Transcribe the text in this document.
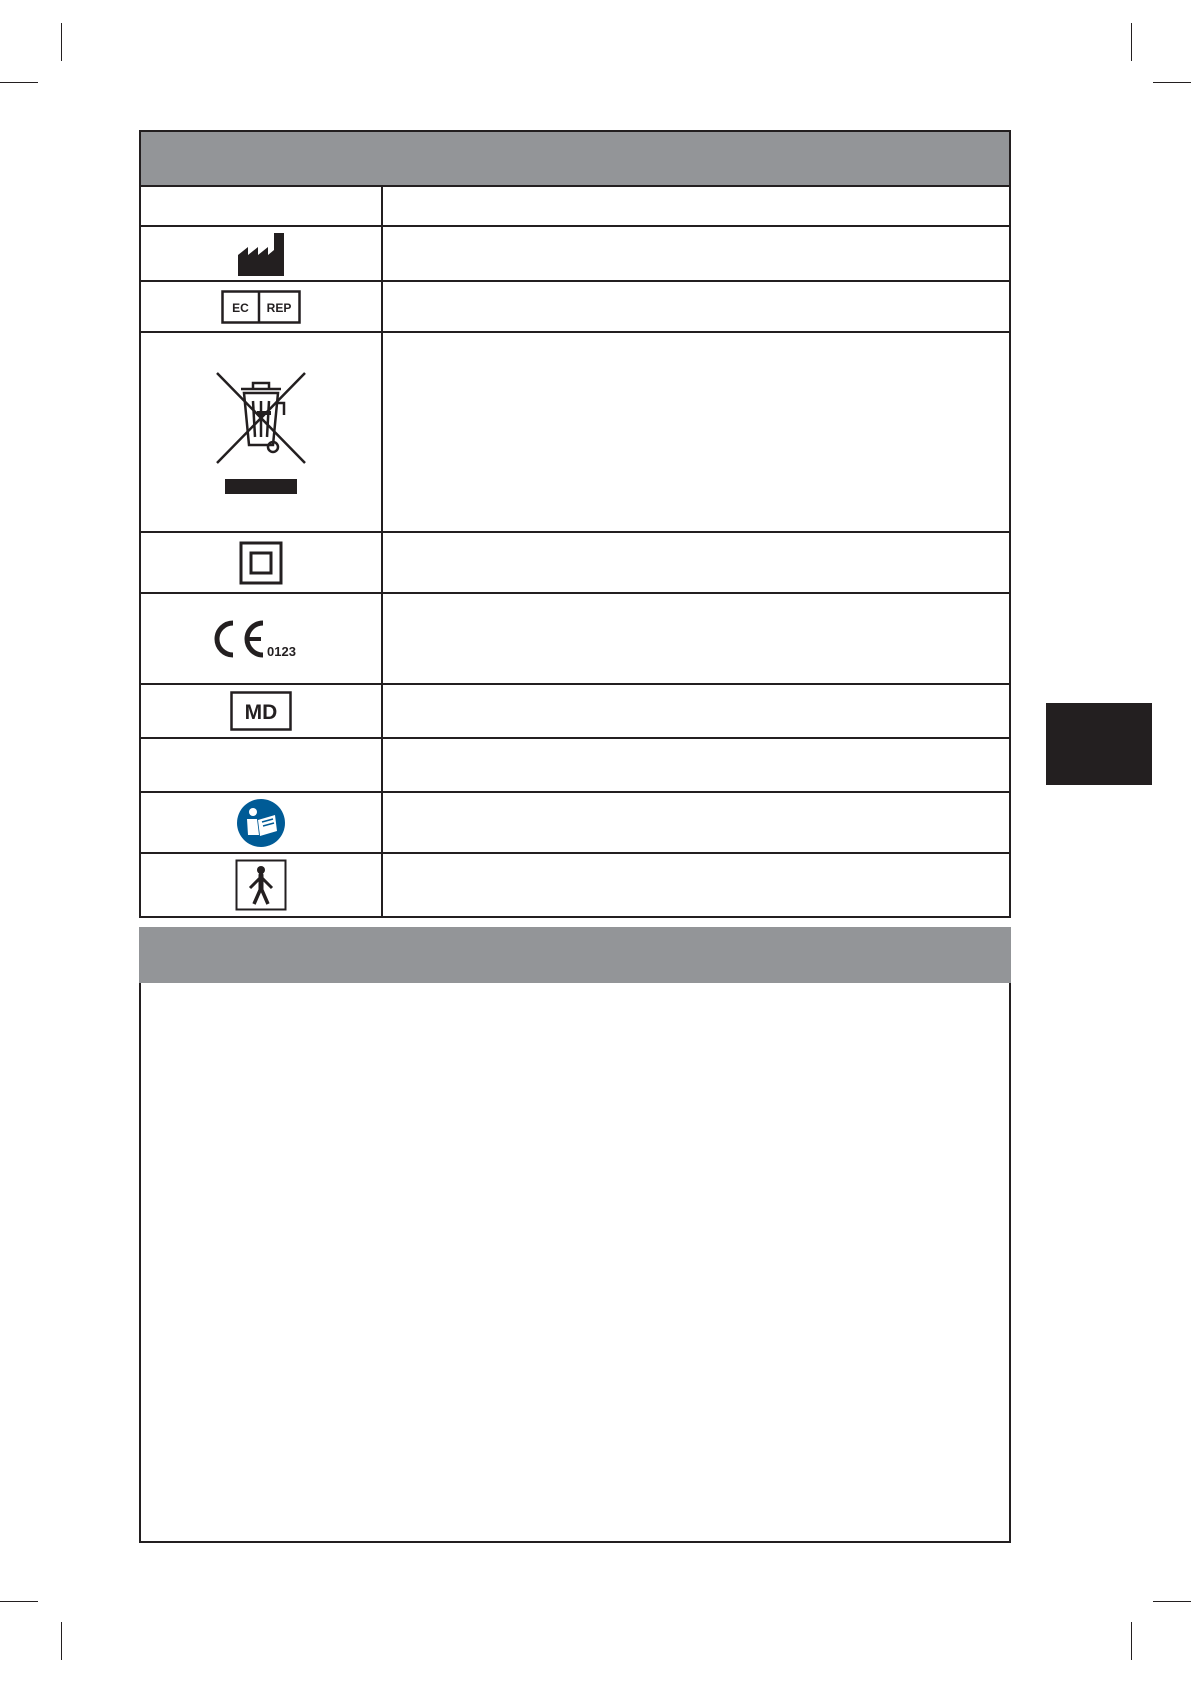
EC REP
0123
MD
